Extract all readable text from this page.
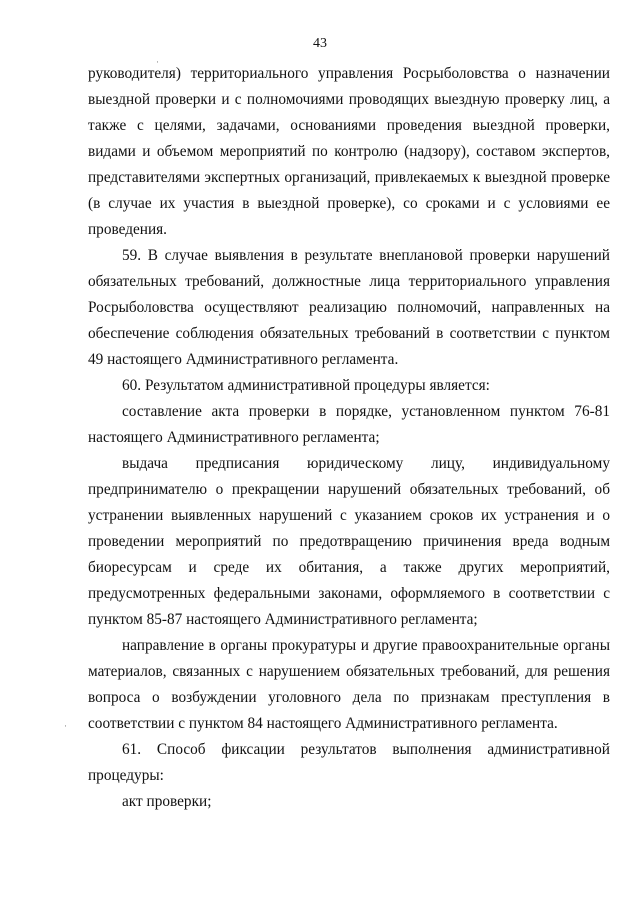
43

руководителя) территориального управления Росрыболовства о назначении выездной проверки и с полномочиями проводящих выездную проверку лиц, а также с целями, задачами, основаниями проведения выездной проверки, видами и объемом мероприятий по контролю (надзору), составом экспертов, представителями экспертных организаций, привлекаемых к выездной проверке (в случае их участия в выездной проверке), со сроками и с условиями ее проведения.

59. В случае выявления в результате внеплановой проверки нарушений обязательных требований, должностные лица территориального управления Росрыболовства осуществляют реализацию полномочий, направленных на обеспечение соблюдения обязательных требований в соответствии с пунктом 49 настоящего Административного регламента.

60. Результатом административной процедуры является:

составление акта проверки в порядке, установленном пунктом 76-81 настоящего Административного регламента;

выдача предписания юридическому лицу, индивидуальному предпринимателю о прекращении нарушений обязательных требований, об устранении выявленных нарушений с указанием сроков их устранения и о проведении мероприятий по предотвращению причинения вреда водным биоресурсам и среде их обитания, а также других мероприятий, предусмотренных федеральными законами, оформляемого в соответствии с пунктом 85-87 настоящего Административного регламента;

направление в органы прокуратуры и другие правоохранительные органы материалов, связанных с нарушением обязательных требований, для решения вопроса о возбуждении уголовного дела по признакам преступления в соответствии с пунктом 84 настоящего Административного регламента.

61. Способ фиксации результатов выполнения административной процедуры:

акт проверки;

·
·
